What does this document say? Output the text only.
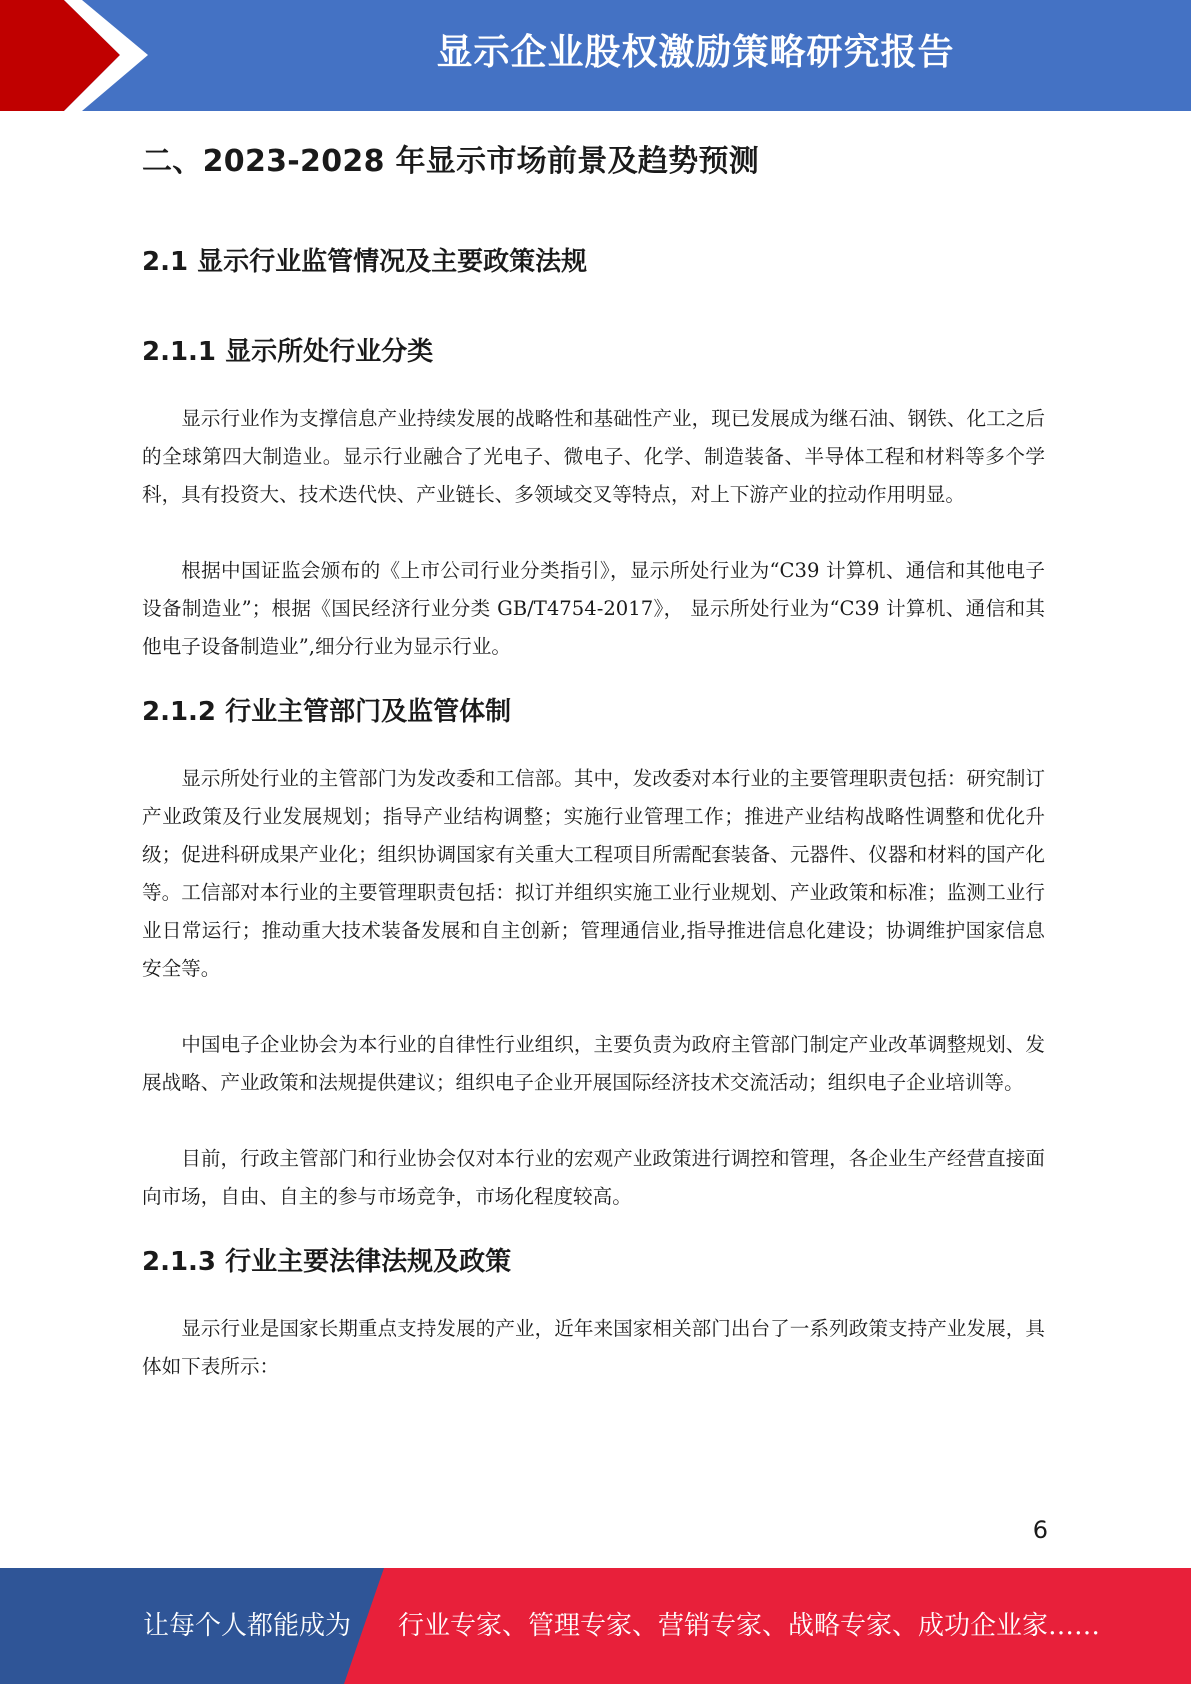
显示企业股权激励策略研究报告
二、2023-2028 年显示市场前景及趋势预测
2.1 显示行业监管情况及主要政策法规
2.1.1 显示所处行业分类

显示行业作为支撑信息产业持续发展的战略性和基础性产业，现已发展成为继石油、钢铁、化工之后的全球第四大制造业。显示行业融合了光电子、微电子、化学、制造装备、半导体工程和材料等多个学科，具有投资大、技术迭代快、产业链长、多领域交叉等特点，对上下游产业的拉动作用明显。

根据中国证监会颁布的《上市公司行业分类指引》，显示所处行业为“C39 计算机、通信和其他电子设备制造业”；根据《国民经济行业分类 GB/T4754-2017》， 显示所处行业为“C39 计算机、通信和其他电子设备制造业”,细分行业为显示行业。

2.1.2 行业主管部门及监管体制

显示所处行业的主管部门为发改委和工信部。其中，发改委对本行业的主要管理职责包括：研究制订产业政策及行业发展规划；指导产业结构调整；实施行业管理工作；推进产业结构战略性调整和优化升级；促进科研成果产业化；组织协调国家有关重大工程项目所需配套装备、元器件、仪器和材料的国产化等。工信部对本行业的主要管理职责包括：拟订并组织实施工业行业规划、产业政策和标准；监测工业行业日常运行；推动重大技术装备发展和自主创新；管理通信业,指导推进信息化建设；协调维护国家信息安全等。

中国电子企业协会为本行业的自律性行业组织，主要负责为政府主管部门制定产业改革调整规划、发展战略、产业政策和法规提供建议；组织电子企业开展国际经济技术交流活动；组织电子企业培训等。

目前，行政主管部门和行业协会仅对本行业的宏观产业政策进行调控和管理，各企业生产经营直接面向市场，自由、自主的参与市场竞争，市场化程度较高。

2.1.3 行业主要法律法规及政策

显示行业是国家长期重点支持发展的产业，近年来国家相关部门出台了一系列政策支持产业发展，具体如下表所示：

6
让每个人都能成为 行业专家、管理专家、营销专家、战略专家、成功企业家……
